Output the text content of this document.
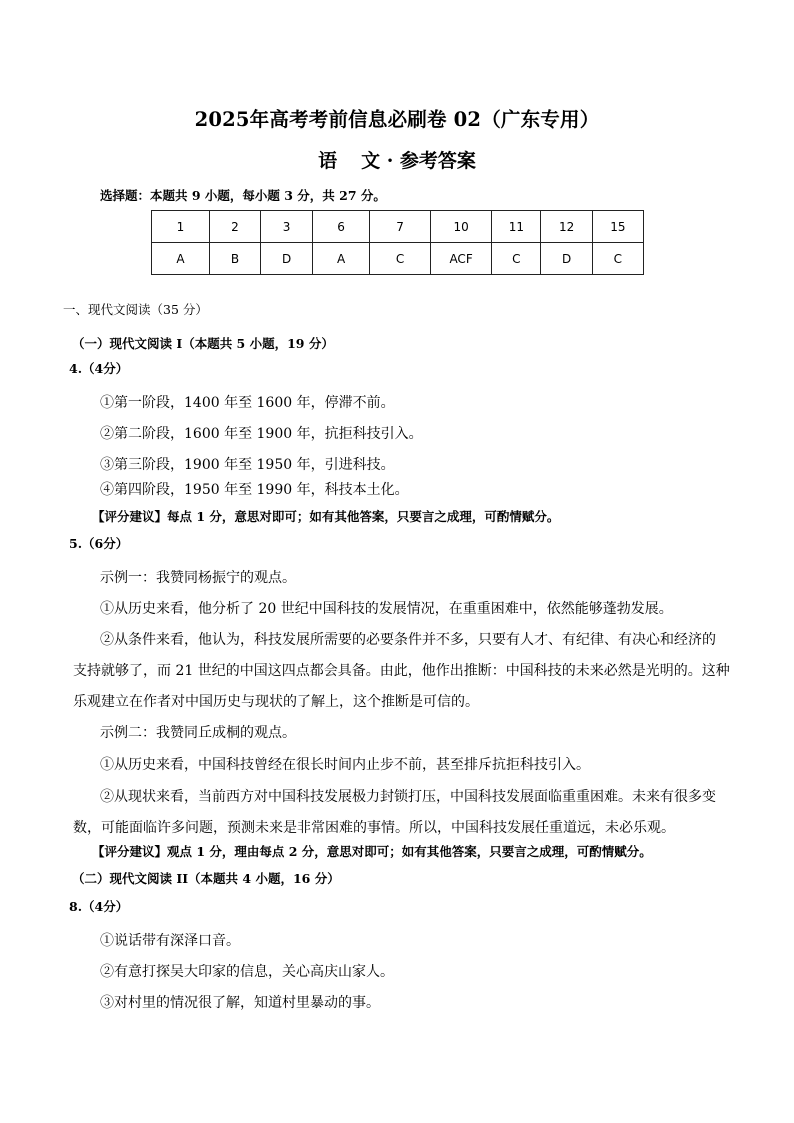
2025年高考考前信息必刷卷 02（广东专用）
语 文 · 参考答案
选择题：本题共 9 小题，每小题 3 分，共 27 分。
1	2	3	6	7	10	11	12	15
A	B	D	A	C	ACF	C	D	C
一、现代文阅读（35 分）
（一）现代文阅读 I（本题共 5 小题，19 分）
4.（4分）
①第一阶段，1400 年至 1600 年，停滞不前。
②第二阶段，1600 年至 1900 年，抗拒科技引入。
③第三阶段，1900 年至 1950 年，引进科技。
④第四阶段，1950 年至 1990 年，科技本土化。
【评分建议】每点 1 分，意思对即可；如有其他答案，只要言之成理，可酌情赋分。
5.（6分）
示例一：我赞同杨振宁的观点。
①从历史来看，他分析了 20 世纪中国科技的发展情况，在重重困难中，依然能够蓬勃发展。
②从条件来看，他认为，科技发展所需要的必要条件并不多，只要有人才、有纪律、有决心和经济的
支持就够了，而 21 世纪的中国这四点都会具备。由此，他作出推断：中国科技的未来必然是光明的。这种
乐观建立在作者对中国历史与现状的了解上，这个推断是可信的。
示例二：我赞同丘成桐的观点。
①从历史来看，中国科技曾经在很长时间内止步不前，甚至排斥抗拒科技引入。
②从现状来看，当前西方对中国科技发展极力封锁打压，中国科技发展面临重重困难。未来有很多变
数，可能面临许多问题，预测未来是非常困难的事情。所以，中国科技发展任重道远，未必乐观。
【评分建议】观点 1 分，理由每点 2 分，意思对即可；如有其他答案，只要言之成理，可酌情赋分。
（二）现代文阅读 II（本题共 4 小题，16 分）
8.（4分）
①说话带有深泽口音。
②有意打探吴大印家的信息，关心高庆山家人。
③对村里的情况很了解，知道村里暴动的事。
